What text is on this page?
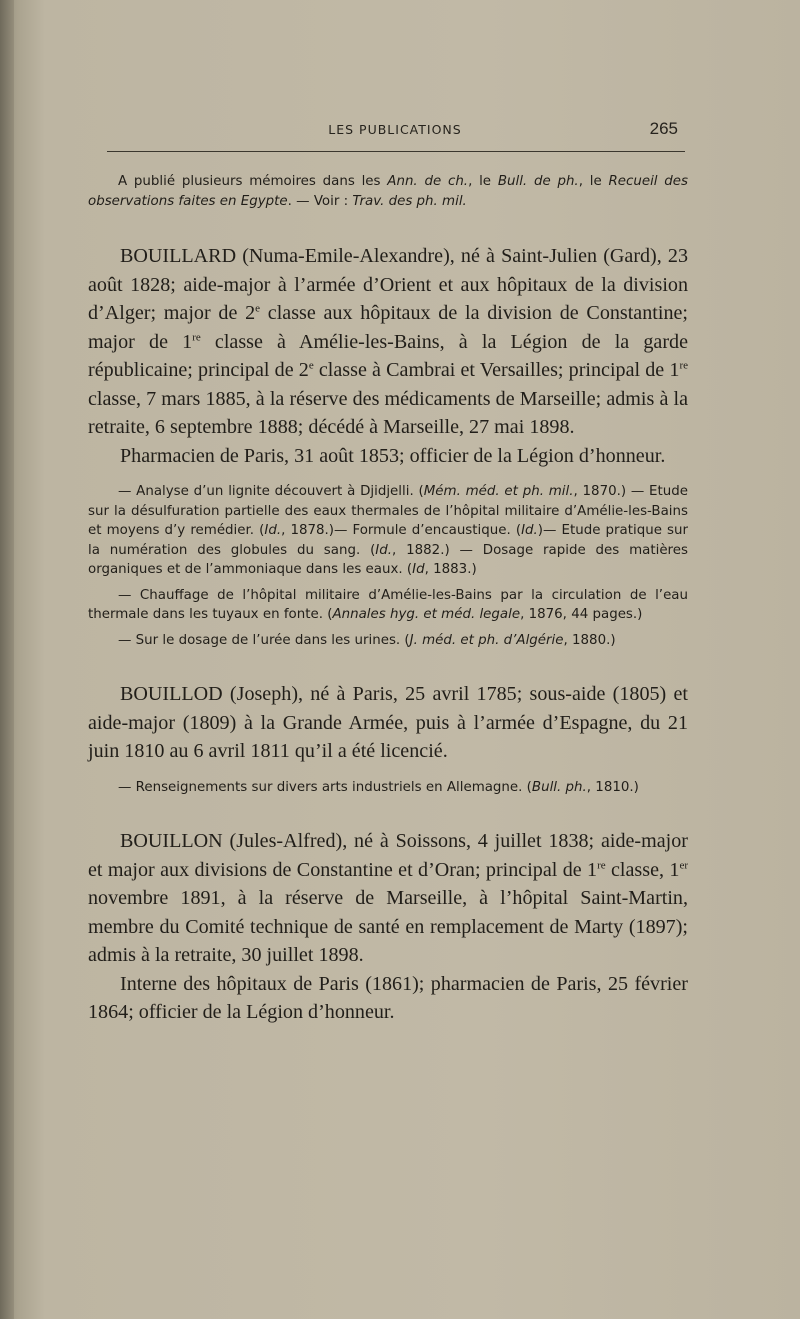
LES PUBLICATIONS	265

A publié plusieurs mémoires dans les Ann. de ch., le Bull. de ph., le Recueil des observations faites en Egypte. — Voir : Trav. des ph. mil.

BOUILLARD (Numa-Emile-Alexandre), né à Saint-Julien (Gard), 23 août 1828; aide-major à l’armée d’Orient et aux hôpitaux de la division d’Alger; major de 2e classe aux hôpitaux de la division de Constantine; major de 1re classe à Amélie-les-Bains, à la Légion de la garde républicaine; principal de 2e classe à Cambrai et Versailles; principal de 1re classe, 7 mars 1885, à la réserve des médicaments de Marseille; admis à la retraite, 6 septembre 1888; décédé à Marseille, 27 mai 1898.

Pharmacien de Paris, 31 août 1853; officier de la Légion d’honneur.

— Analyse d’un lignite découvert à Djidjelli. (Mém. méd. et ph. mil., 1870.) — Etude sur la désulfuration partielle des eaux thermales de l’hôpital militaire d’Amélie-les-Bains et moyens d’y remédier. (Id., 1878.)— Formule d’encaustique. (Id.)— Etude pratique sur la numération des globules du sang. (Id., 1882.) — Dosage rapide des matières organiques et de l’ammoniaque dans les eaux. (Id, 1883.)

— Chauffage de l’hôpital militaire d’Amélie-les-Bains par la circulation de l’eau thermale dans les tuyaux en fonte. (Annales hyg. et méd. legale, 1876, 44 pages.)

— Sur le dosage de l’urée dans les urines. (J. méd. et ph. d’Algérie, 1880.)

BOUILLOD (Joseph), né à Paris, 25 avril 1785; sous-aide (1805) et aide-major (1809) à la Grande Armée, puis à l’armée d’Espagne, du 21 juin 1810 au 6 avril 1811 qu’il a été licencié.

— Renseignements sur divers arts industriels en Allemagne. (Bull. ph., 1810.)

BOUILLON (Jules-Alfred), né à Soissons, 4 juillet 1838; aide-major et major aux divisions de Constantine et d’Oran; principal de 1re classe, 1er novembre 1891, à la réserve de Marseille, à l’hôpital Saint-Martin, membre du Comité technique de santé en remplacement de Marty (1897); admis à la retraite, 30 juillet 1898.

Interne des hôpitaux de Paris (1861); pharmacien de Paris, 25 février 1864; officier de la Légion d’honneur.
